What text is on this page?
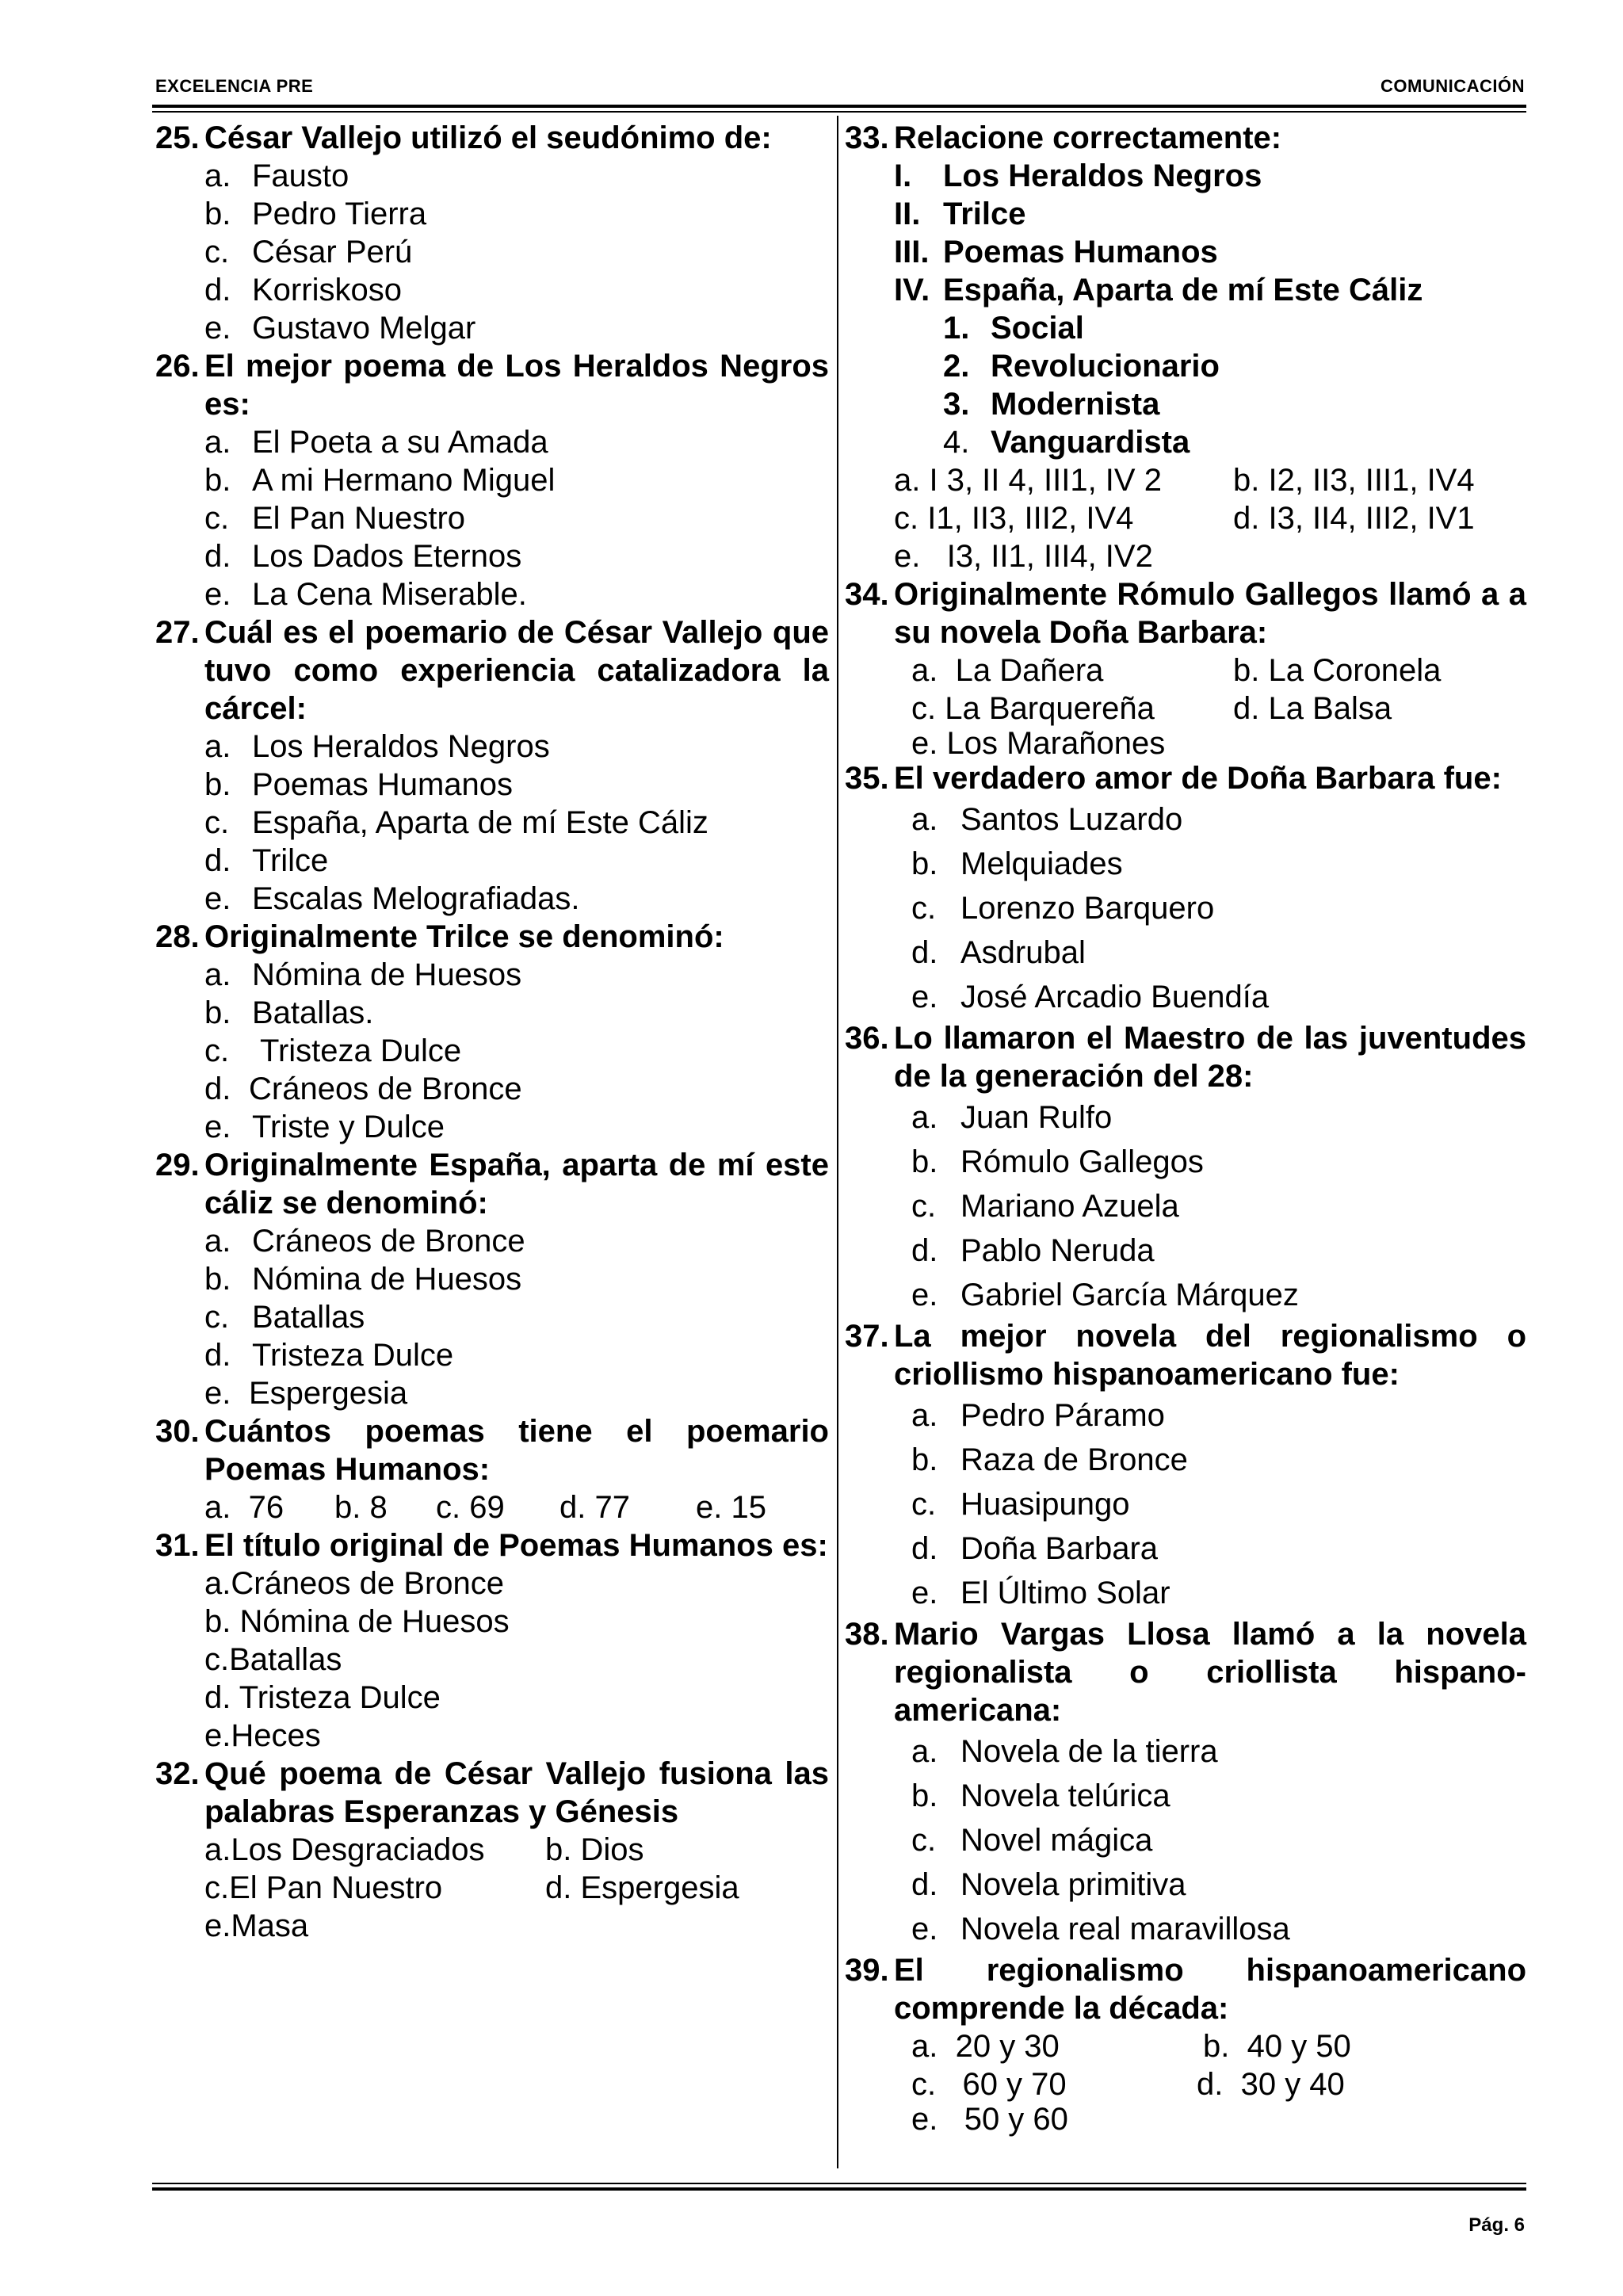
EXCELENCIA PRE	COMUNICACIÓN
25. César Vallejo utilizó el seudónimo de:
a. Fausto
b. Pedro Tierra
c. César Perú
d. Korriskoso
e. Gustavo Melgar
26. El mejor poema de Los Heraldos Negros es:
a. El Poeta a su Amada
b. A mi Hermano Miguel
c. El Pan Nuestro
d. Los Dados Eternos
e. La Cena Miserable.
27. Cuál es el poemario de César Vallejo que tuvo como experiencia catalizadora la cárcel:
a. Los Heraldos Negros
b. Poemas Humanos
c. España, Aparta de mí Este Cáliz
d. Trilce
e. Escalas Melografiadas.
28. Originalmente Trilce se denominó:
a. Nómina de Huesos
b. Batallas.
c. Tristeza Dulce
d. Cráneos de Bronce
e. Triste y Dulce
29. Originalmente España, aparta de mí este cáliz se denominó:
a. Cráneos de Bronce
b. Nómina de Huesos
c. Batallas
d. Tristeza Dulce
e. Espergesia
30. Cuántos poemas tiene el poemario Poemas Humanos:
a.  76	b. 8	c. 69	d. 77	e. 15
31. El título original de Poemas Humanos es:
a.Cráneos de Bronce
b. Nómina de Huesos
c.Batallas
d. Tristeza Dulce
e.Heces
32. Qué poema de César Vallejo fusiona las palabras Esperanzas y Génesis
a.Los Desgraciados	b. Dios
c.El Pan Nuestro	d. Espergesia
e.Masa
33. Relacione correctamente:
I. Los Heraldos Negros
II. Trilce
III. Poemas Humanos
IV. España, Aparta de mí Este Cáliz
1. Social
2. Revolucionario
3. Modernista
4. Vanguardista
a. I 3, II 4, III1, IV 2	b. I2, II3, III1, IV4
c. I1, II3, III2, IV4	d. I3, II4, III2, IV1
e.   I3, II1, III4, IV2
34. Originalmente Rómulo Gallegos llamó a a su novela Doña Barbara:
a.  La Dañera	b. La Coronela
c. La Barquereña	d. La Balsa
e. Los Marañones
35. El verdadero amor de Doña Barbara fue:
a. Santos Luzardo
b. Melquiades
c. Lorenzo Barquero
d. Asdrubal
e. José Arcadio Buendía
36. Lo llamaron el Maestro de las juventudes de la generación del 28:
a. Juan Rulfo
b. Rómulo Gallegos
c. Mariano Azuela
d. Pablo Neruda
e. Gabriel García Márquez
37. La mejor novela del regionalismo o criollismo hispanoamericano fue:
a. Pedro Páramo
b. Raza de Bronce
c. Huasipungo
d. Doña Barbara
e. El Último Solar
38. Mario Vargas Llosa llamó a la novela regionalista o criollista hispano-americana:
a. Novela de la tierra
b. Novela telúrica
c. Novel mágica
d. Novela primitiva
e. Novela real maravillosa
39. El regionalismo hispanoamericano comprende la década:
a.  20 y 30	b.  40 y 50
c.   60 y 70	d.  30 y 40
e.   50 y 60
Pág. 6
